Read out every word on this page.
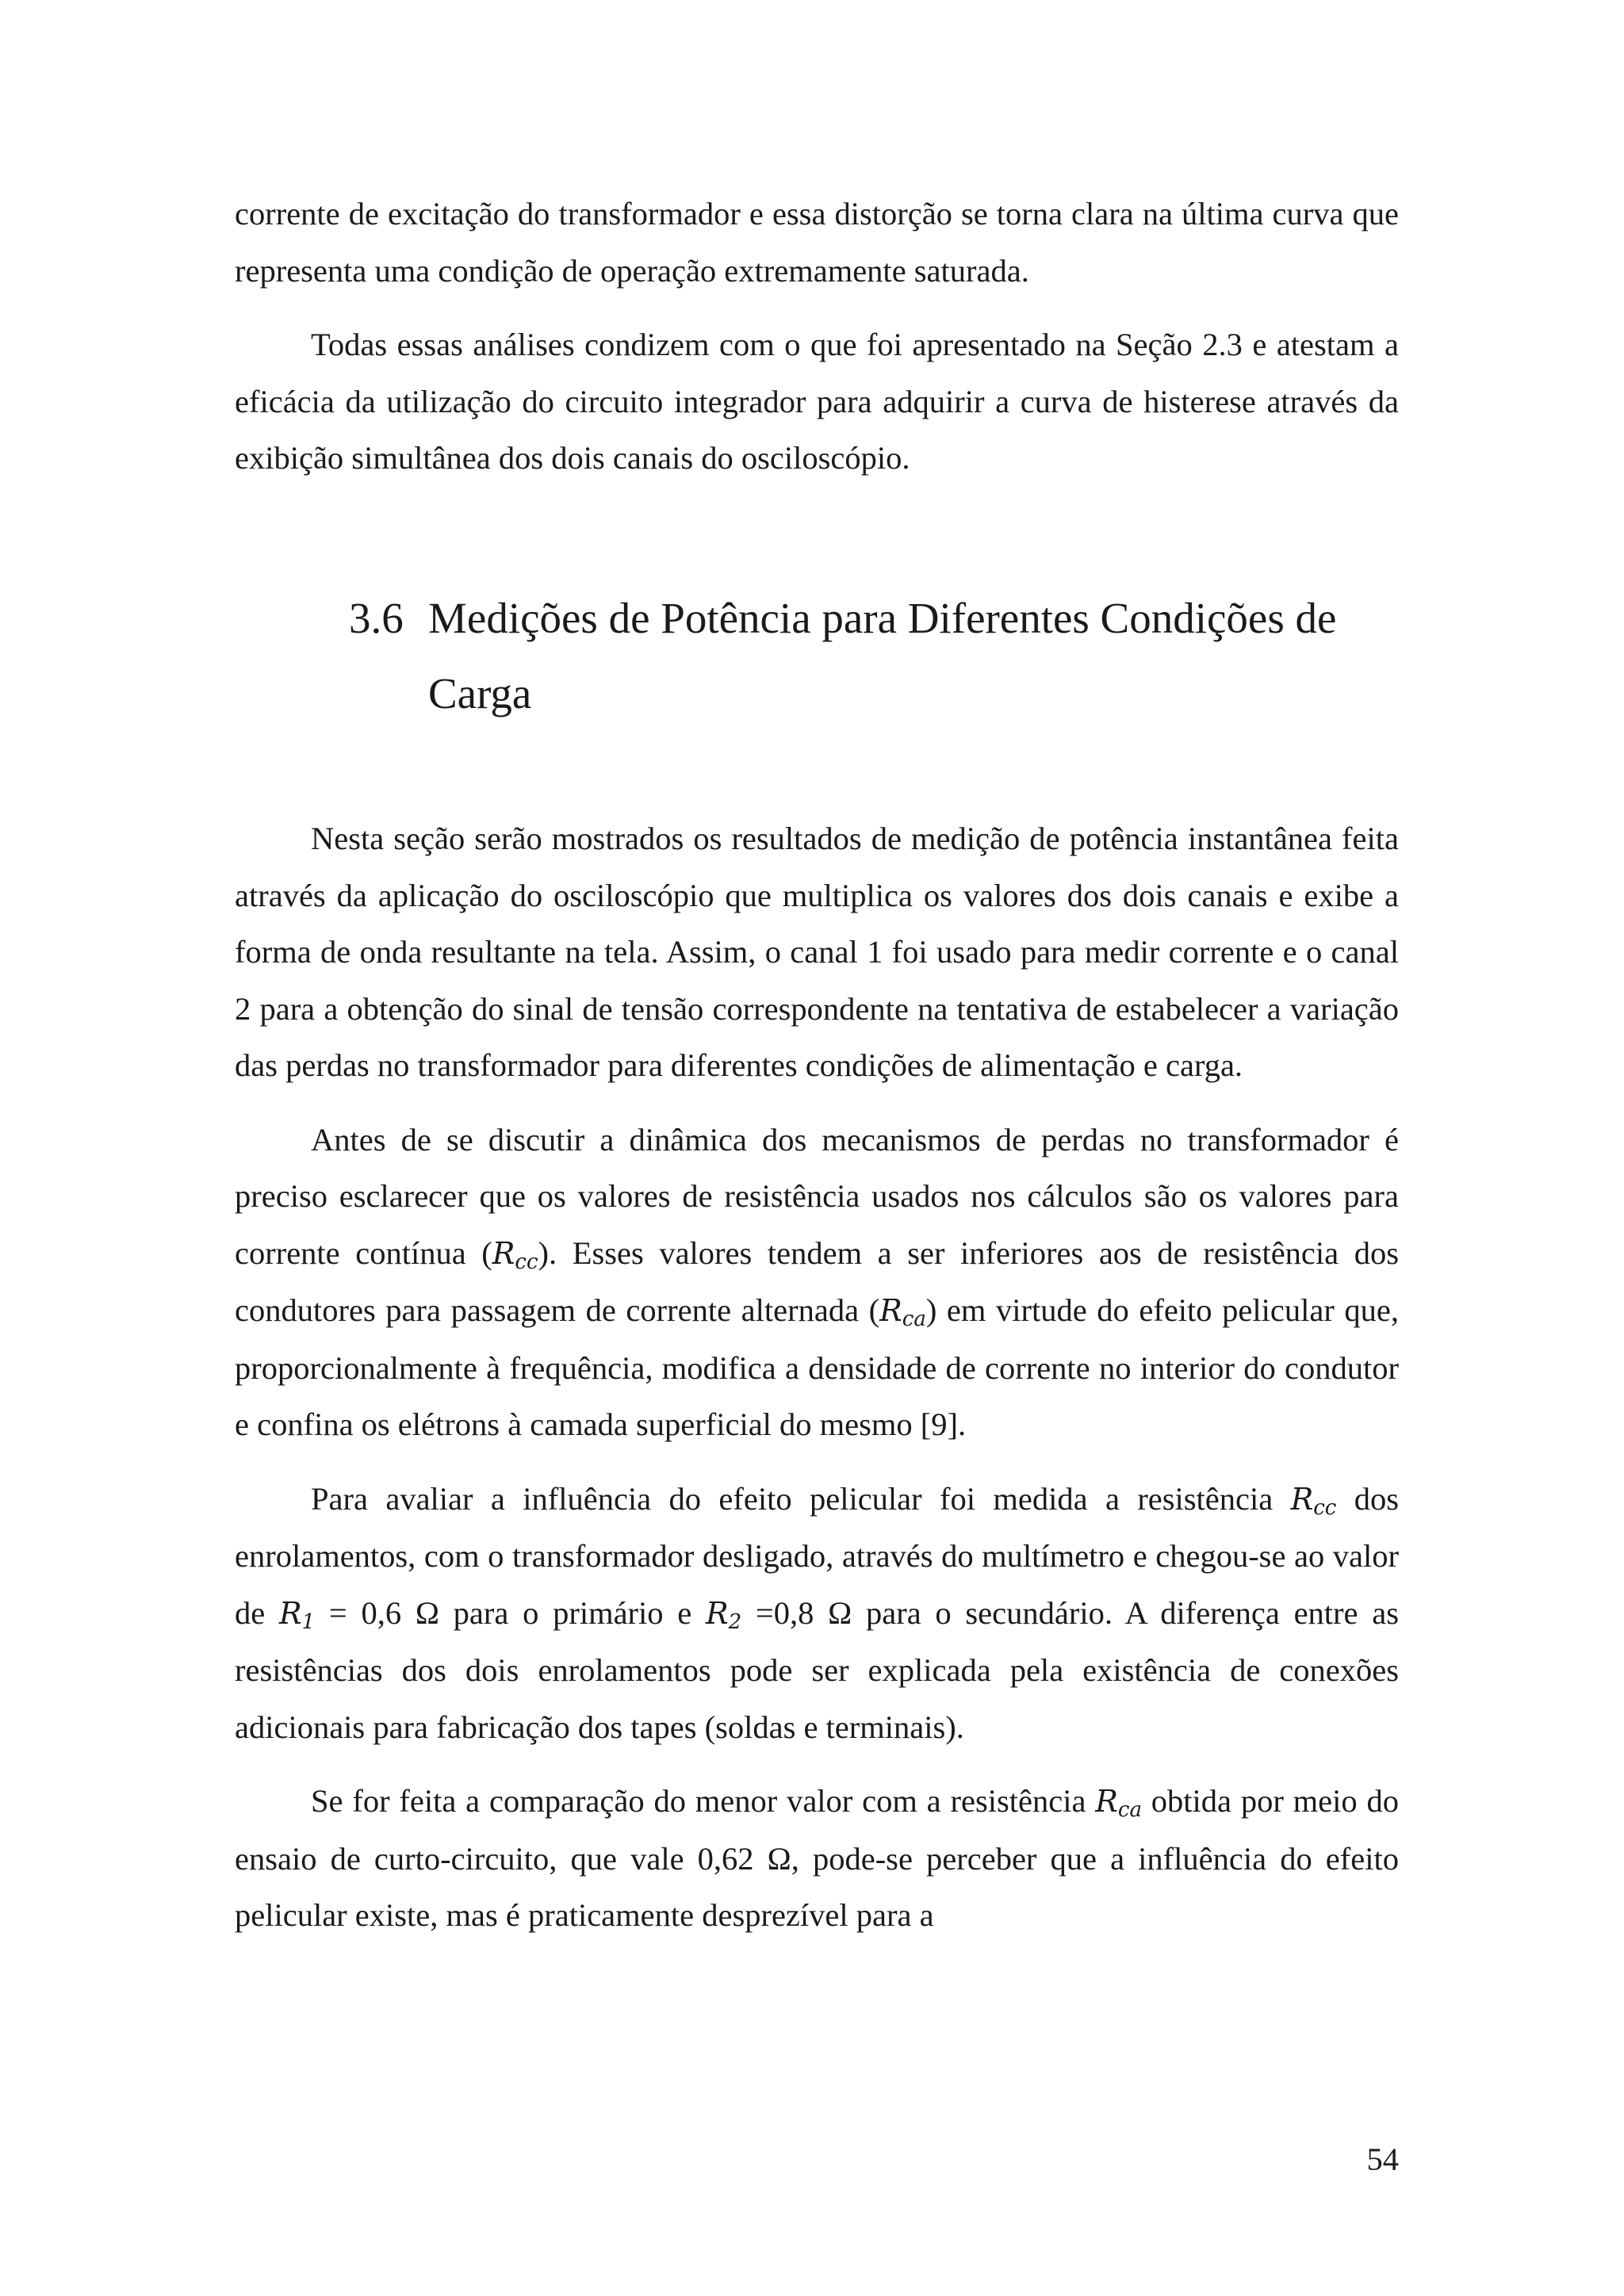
corrente de excitação do transformador e essa distorção se torna clara na última curva que representa uma condição de operação extremamente saturada.

Todas essas análises condizem com o que foi apresentado na Seção 2.3 e atestam a eficácia da utilização do circuito integrador para adquirir a curva de histerese através da exibição simultânea dos dois canais do osciloscópio.

3.6 Medições de Potência para Diferentes Condições de
Carga

Nesta seção serão mostrados os resultados de medição de potência instantânea feita através da aplicação do osciloscópio que multiplica os valores dos dois canais e exibe a forma de onda resultante na tela. Assim, o canal 1 foi usado para medir corrente e o canal 2 para a obtenção do sinal de tensão correspondente na tentativa de estabelecer a variação das perdas no transformador para diferentes condições de alimentação e carga.

Antes de se discutir a dinâmica dos mecanismos de perdas no transformador é preciso esclarecer que os valores de resistência usados nos cálculos são os valores para corrente contínua $(R_{cc})$. Esses valores tendem a ser inferiores aos de resistência dos condutores para passagem de corrente alternada $(R_{ca})$ em virtude do efeito pelicular que, proporcionalmente à frequência, modifica a densidade de corrente no interior do condutor e confina os elétrons à camada superficial do mesmo [9].

Para avaliar a influência do efeito pelicular foi medida a resistência $R_{cc}$ dos enrolamentos, com o transformador desligado, através do multímetro e chegou-se ao valor de $R_1 = 0,6$ Ω para o primário e $R_2 =0,8$ Ω para o secundário. A diferença entre as resistências dos dois enrolamentos pode ser explicada pela existência de conexões adicionais para fabricação dos tapes (soldas e terminais).

Se for feita a comparação do menor valor com a resistência $R_{ca}$ obtida por meio do ensaio de curto-circuito, que vale 0,62 Ω, pode-se perceber que a influência do efeito pelicular existe, mas é praticamente desprezível para a

54
